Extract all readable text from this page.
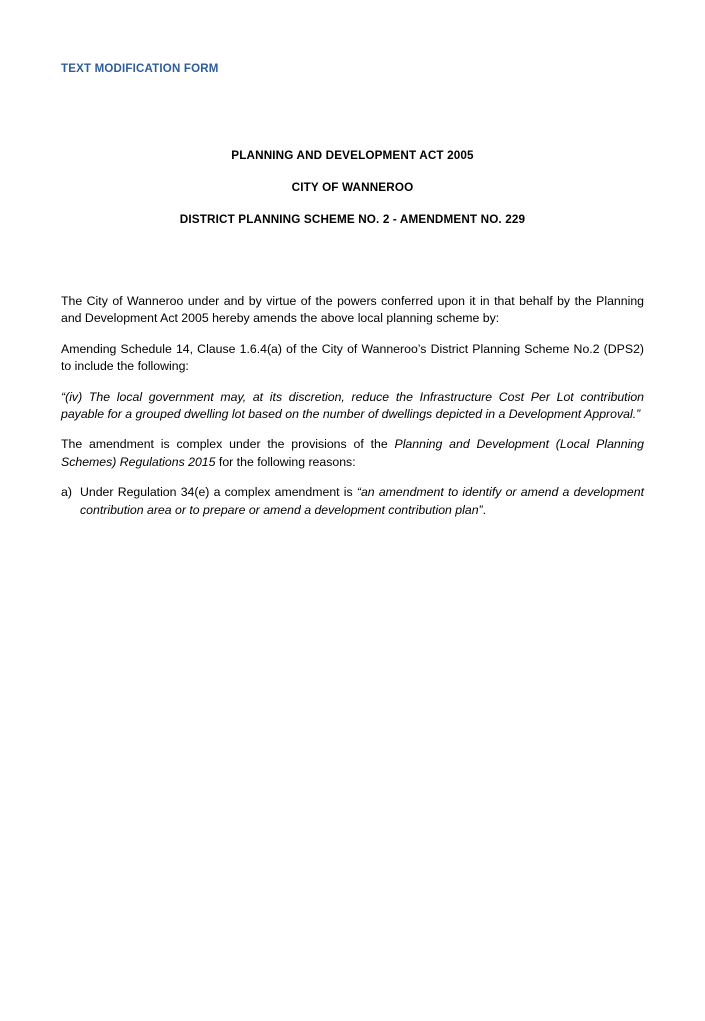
TEXT MODIFICATION FORM
PLANNING AND DEVELOPMENT ACT 2005
CITY OF WANNEROO
DISTRICT PLANNING SCHEME NO. 2 - AMENDMENT NO. 229

The City of Wanneroo under and by virtue of the powers conferred upon it in that behalf by the Planning and Development Act 2005 hereby amends the above local planning scheme by:

Amending Schedule 14, Clause 1.6.4(a) of the City of Wanneroo’s District Planning Scheme No.2 (DPS2) to include the following:

“(iv) The local government may, at its discretion, reduce the Infrastructure Cost Per Lot contribution payable for a grouped dwelling lot based on the number of dwellings depicted in a Development Approval.”

The amendment is complex under the provisions of the Planning and Development (Local Planning Schemes) Regulations 2015 for the following reasons:

a) Under Regulation 34(e) a complex amendment is “an amendment to identify or amend a development contribution area or to prepare or amend a development contribution plan”.
